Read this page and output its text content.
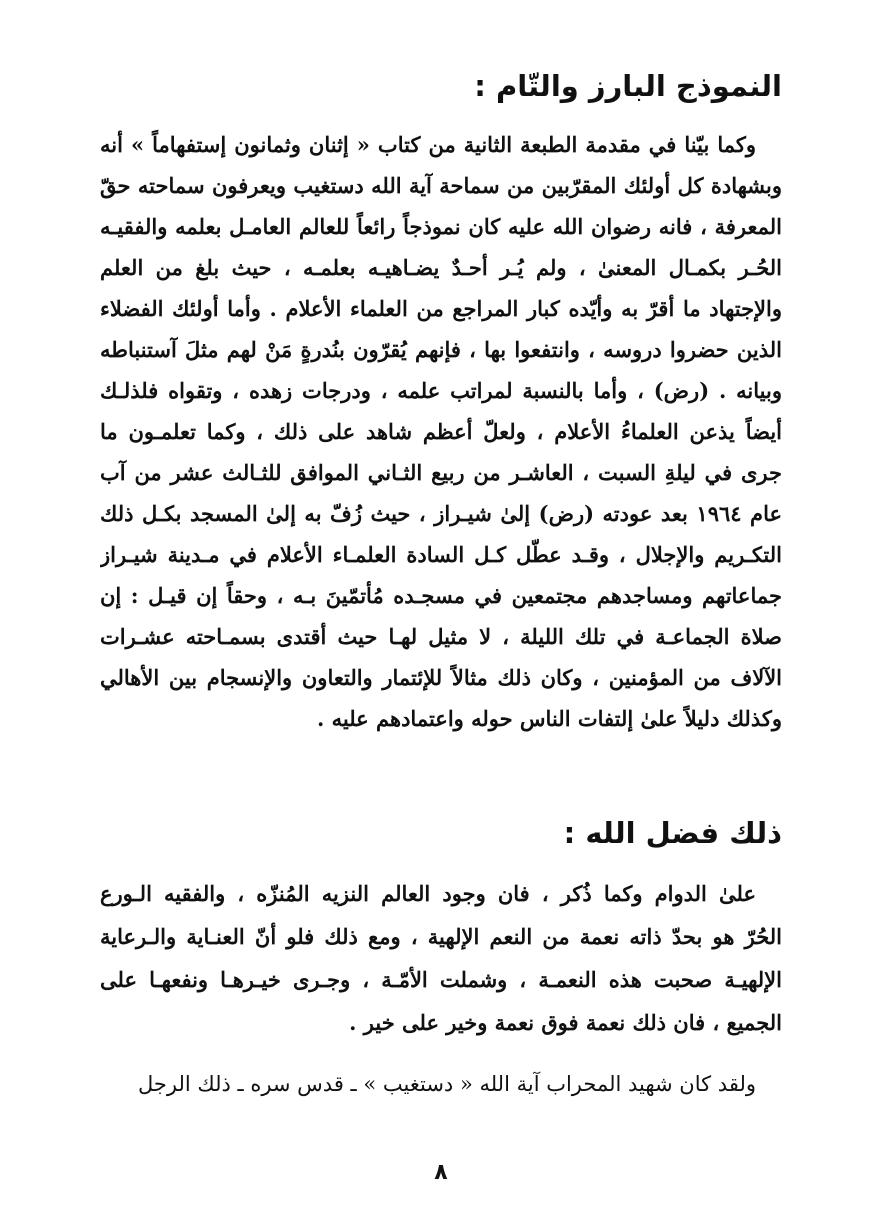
النموذج البارز والتّام :
وكما بيّنا في مقدمة الطبعة الثانية من كتاب « إثنان وثمانون إستفهاماً » أنه
وبشهادة كل أولئك المقرّبين من سماحة آية الله دستغيب ويعرفون سماحته حقّ
المعرفة ، فانه رضوان الله عليه كان نموذجاً رائعاً للعالم العامـل بعلمه والفقيـه
الحُـر بكمـال المعنىٰ ، ولم يُـر أحـدٌ يضـاهيـه بعلمـه ، حيث بلغ من العلم
والإجتهاد ما أقرّ به وأيّده كبار المراجع من العلماء الأعلام . وأما أولئك الفضلاء
الذين حضروا دروسه ، وانتفعوا بها ، فإنهم يُقرّون بنُدرةٍ مَنْ لهم مثلَ آستنباطه
وبيانه . (رض) ، وأما بالنسبة لمراتب علمه ، ودرجات زهده ، وتقواه فلذلـك
أيضاً يذعن العلماءُ الأعلام ، ولعلّ أعظم شاهد على ذلك ، وكما تعلمـون ما
جرى في ليلةِ السبت ، العاشـر من ربيع الثـاني الموافق للثـالث عشر من آب
عام ١٩٦٤ بعد عودته (رض) إلىٰ شيـراز ، حيث زُفّ به إلىٰ المسجد بكـل ذلك
التكـريم والإجلال ، وقـد عطّل كـل السادة العلمـاء الأعلام في مـدينة شيـراز
جماعاتهم ومساجدهم مجتمعين في مسجـده مُأتمّينَ بـه ، وحقاً إن قيـل : إن
صلاة الجماعـة في تلك الليلة ، لا مثيل لهـا حيث أقتدى بسمـاحته عشـرات
الآلاف من المؤمنين ، وكان ذلك مثالاً للإئتمار والتعاون والإنسجام بين الأهالي
وكذلك دليلاً علىٰ إلتفات الناس حوله واعتمادهم عليه .
ذلك فضل الله :
علىٰ الدوام وكما ذُكر ، فان وجود العالم النزيه المُنزّه ، والفقيه الـورع
الحُرّ هو بحدّ ذاته نعمة من النعم الإلهية ، ومع ذلك فلو أنّ العنـاية والـرعاية
الإلهيـة صحبت هذه النعمـة ، وشملت الأمّـة ، وجـرى خيـرهـا ونفعهـا على
الجميع ، فان ذلك نعمة فوق نعمة وخير على خير .
ولقد كان شهيد المحراب آية الله « دستغيب » ـ قدس سره ـ ذلك الرجل
٨
